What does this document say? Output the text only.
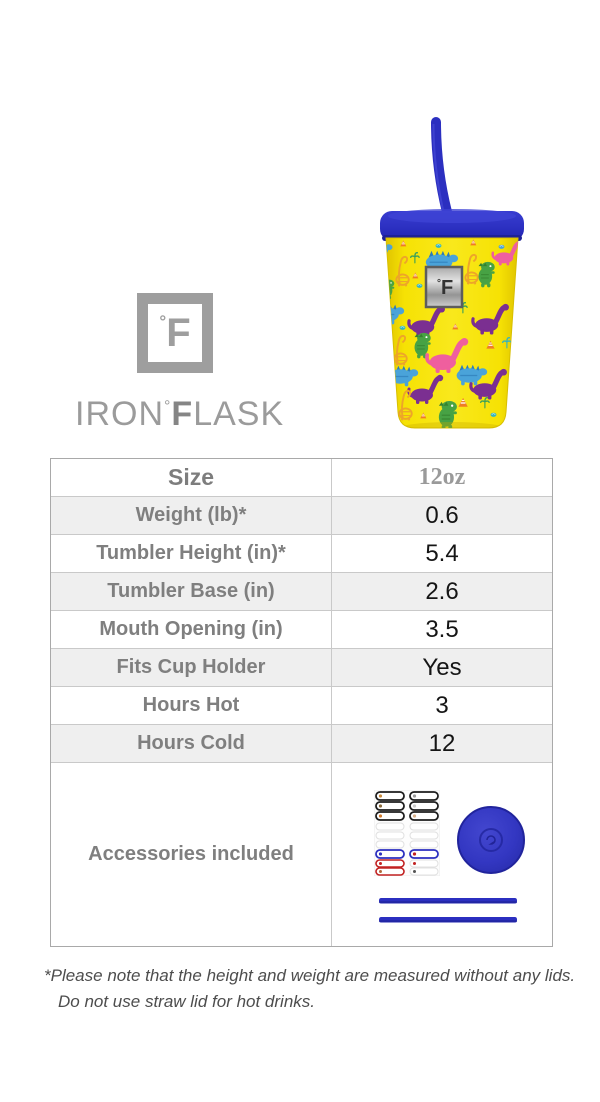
° F
IRON°FLASK
°F
Size	12oz
Weight (lb)*	0.6
Tumbler Height (in)*	5.4
Tumbler Base (in)	2.6
Mouth Opening (in)	3.5
Fits Cup Holder	Yes
Hours Hot	3
Hours Cold	12
Accessories included
*Please note that the height and weight are measured without any lids.
Do not use straw lid for hot drinks.
